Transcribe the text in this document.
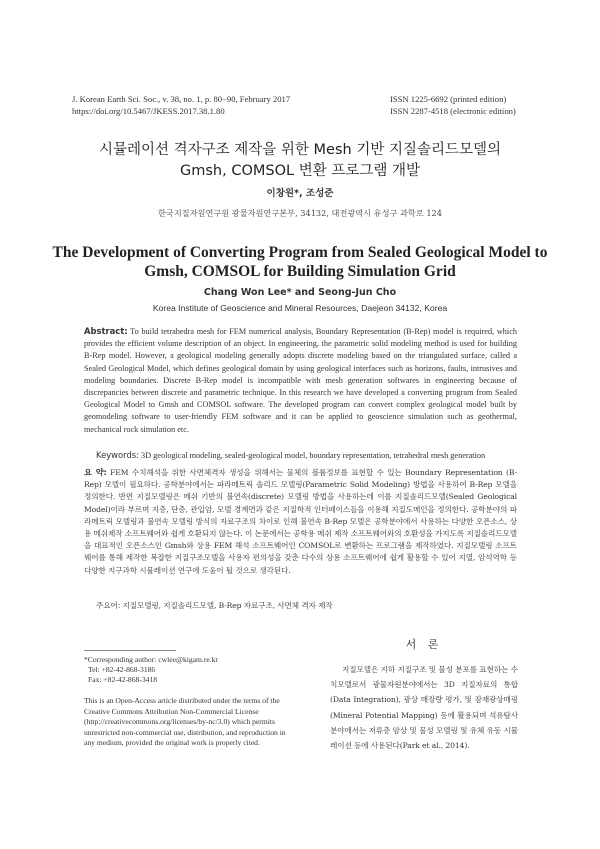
J. Korean Earth Sci. Soc., v. 38, no. 1, p. 80−90, February 2017
https://doi.org/10.5467/JKESS.2017.38.1.80
ISSN 1225-6692 (printed edition)
ISSN 2287-4518 (electronic edition)
시뮬레이션 격자구조 제작을 위한 Mesh 기반 지질솔리드모델의
Gmsh, COMSOL 변환 프로그램 개발
이창원*, 조성준
한국지질자원연구원 광물자원연구본부, 34132, 대전광역시 유성구 과학로 124
The Development of Converting Program from Sealed Geological Model to
Gmsh, COMSOL for Building Simulation Grid
Chang Won Lee* and Seong-Jun Cho
Korea Institute of Geoscience and Mineral Resources, Daejeon 34132, Korea
Abstract: To build tetrahedra mesh for FEM numerical analysis, Boundary Representation (B-Rep) model is required, which provides the efficient volume description of an object. In engineering, the parametric solid modeling method is used for building B-Rep model. However, a geological modeling generally adopts discrete modeling based on the triangulated surface, called a Sealed Geological Model, which defines geological domain by using geological interfaces such as horizons, faults, intrusives and modeling boundaries. Discrete B-Rep model is incompatible with mesh generation softwares in engineering because of discrepancies between discrete and parametric technique. In this research we have developed a converting program from Sealed Geological Model to Gmsh and COMSOL software. The developed program can convert complex geological model built by geomodeling software to user-friendly FEM software and it can be applied to geoscience simulation such as geothermal, mechanical rock simulation etc.
Keywords: 3D geological modeling, sealed-geological model, boundary representation, tetrahedral mesh generation
요 약: FEM 수치해석을 위한 사면체격자 생성을 위해서는 물체의 볼륨정보를 표현할 수 있는 Boundary Representation (B-Rep) 모델이 필요하다. 공학분야에서는 파라메트릭 솔리드 모델링(Parametric Solid Modeling) 방법을 사용하여 B-Rep 모델을 정의한다. 반면 지질모델링은 메쉬 기반의 불연속(discrete) 모델링 방법을 사용하는데 이를 지질솔리드모델(Sealed Geological Model)이라 부르며 지층, 단층, 관입암, 모델 경계면과 같은 지질학적 인터페이스들을 이용해 지질도메인을 정의한다. 공학분야의 파라메트릭 모델링과 불연속 모델링 방식의 자료구조의 차이로 인해 불연속 B-Rep 모델은 공학분야에서 사용하는 다양한 오픈소스, 상용 메쉬제작 소프트웨어와 쉽게 호환되지 않는다. 이 논문에서는 공학용 메쉬 제작 소프트웨어와의 호환성을 가지도록 지질솔리드모델을 대표적인 오픈소스인 Gmsh와 상용 FEM 해석 소프트웨어인 COMSOL로 변환하는 프로그램을 제작하였다. 지질모델링 소프트웨어를 통해 제작한 복잡한 지질구조모델을 사용자 편의성을 갖춘 다수의 상용 소프트웨어에 쉽게 활용할 수 있어 지열, 암석역학 등 다양한 지구과학 시뮬레이션 연구에 도움이 될 것으로 생각된다.
주요어: 지질모델링, 지질솔리드모델, B-Rep 자료구조, 사면체 격자 제작
*Corresponding author: cwlee@kigam.re.kr
Tel: +82-42-868-3186
Fax: +82-42-868-3418
This is an Open-Access article distributed under the terms of the Creative Commons Attribution Non-Commercial License (http://creativecommons.org/licenses/by-nc/3.0) which permits unrestricted non-commercial use, distribution, and reproduction in any medium, provided the original work is properly cited.
서 론
지질모델은 지하 지질구조 및 물성 분포를 표현하는 수치모델로서 광물자원분야에서는 3D 지질자료의 통합(Data Integration), 광상 매장량 평가, 및 잠재광상매핑(Mineral Potential Mapping) 등에 활용되며 석유탐사분야에서는 저류층 암상 및 물성 모델링 및 유체 유동 시뮬레이션 등에 사용된다(Park et al., 2014).
